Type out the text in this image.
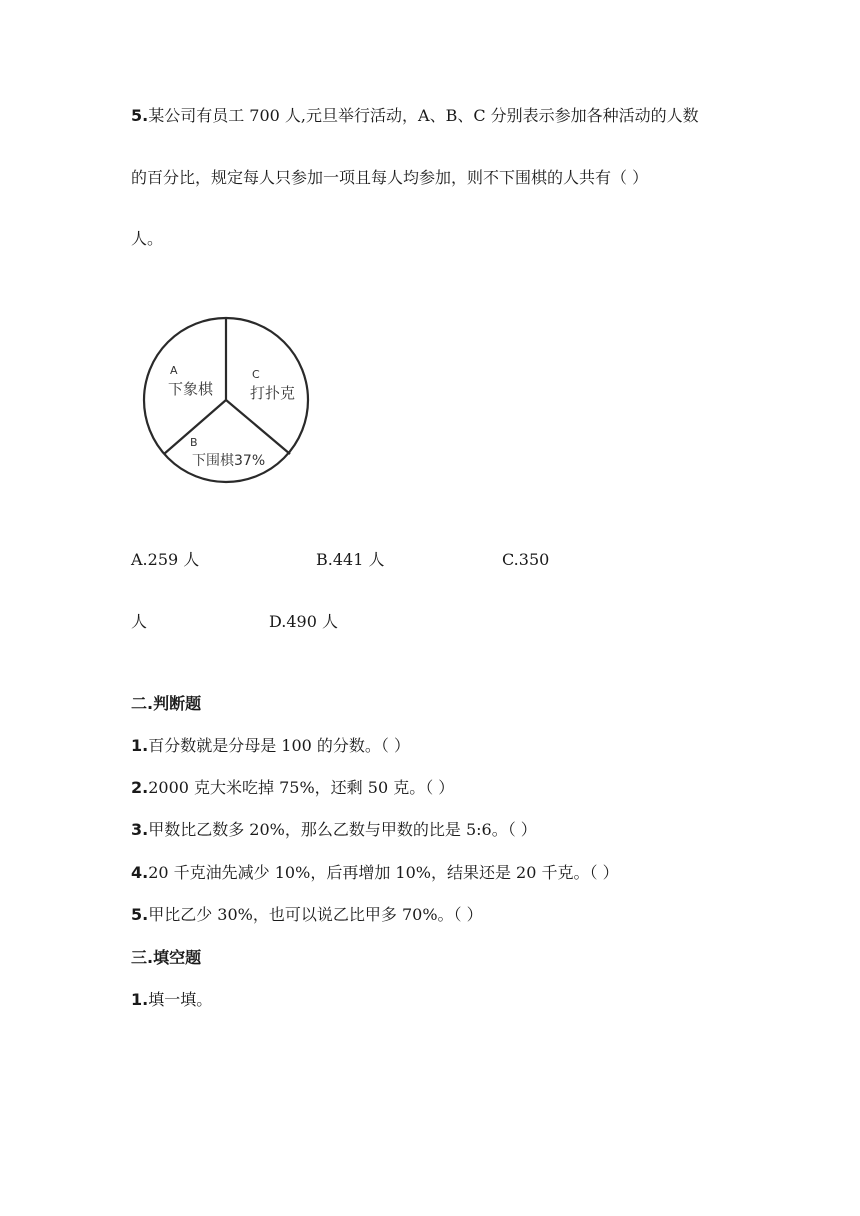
5.某公司有员工 700 人,元旦举行活动，A、B、C 分别表示参加各种活动的人数
的百分比，规定每人只参加一项且每人均参加，则不下围棋的人共有（ ）
人。
A
下象棋
C
打扑克
B
下围棋37%
A.259 人	B.441 人	C.350
人	D.490 人
二.判断题
1.百分数就是分母是 100 的分数。（ ）
2.2000 克大米吃掉 75%，还剩 50 克。（ ）
3.甲数比乙数多 20%，那么乙数与甲数的比是 5:6。（ ）
4.20 千克油先减少 10%，后再增加 10%，结果还是 20 千克。（ ）
5.甲比乙少 30%，也可以说乙比甲多 70%。（ ）
三.填空题
1.填一填。
